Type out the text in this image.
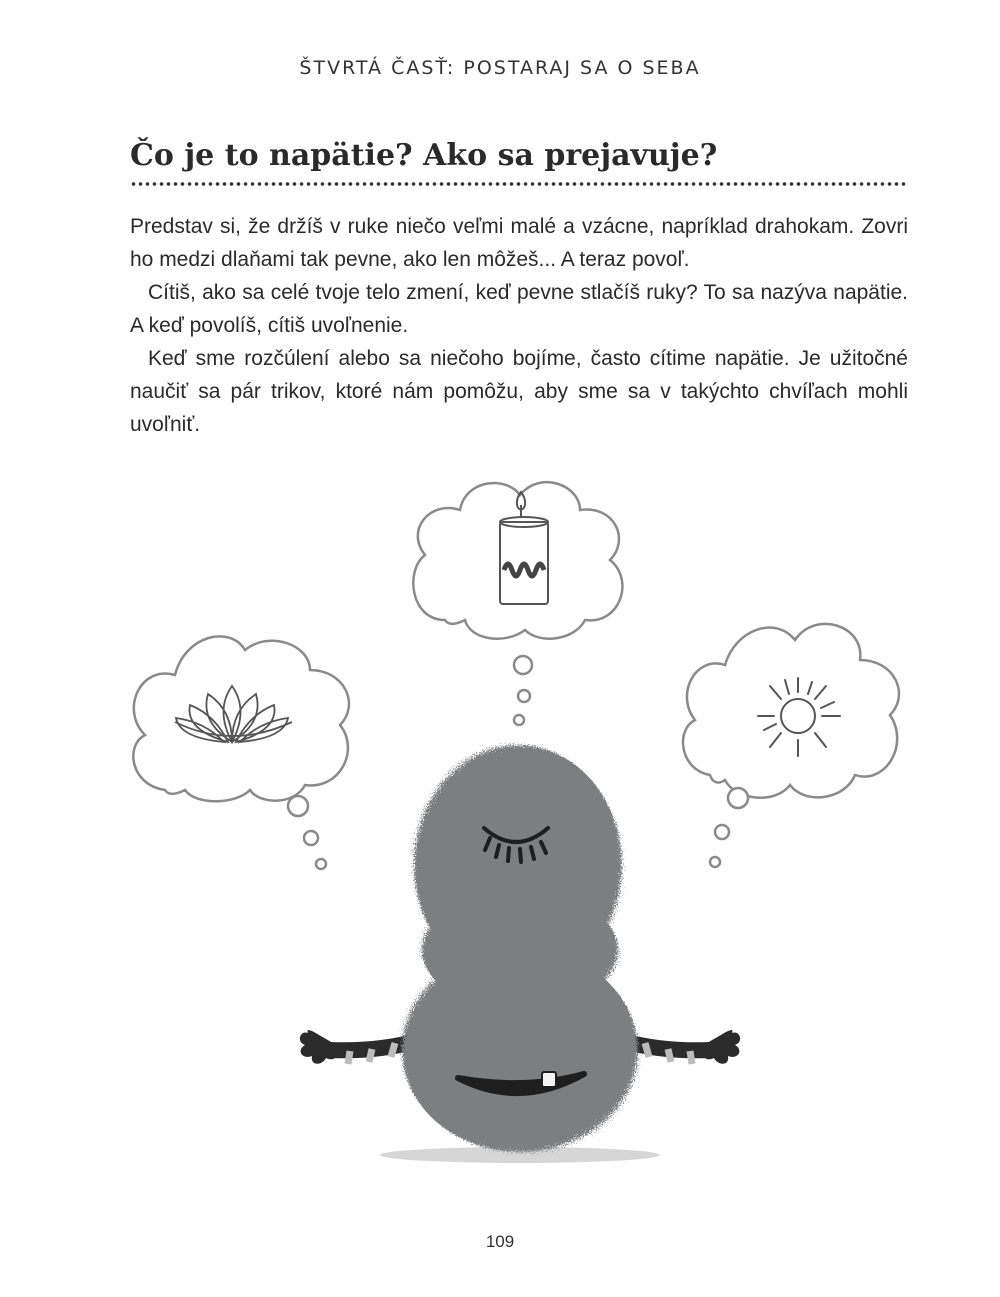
ŠTVRTÁ ČASŤ: POSTARAJ SA O SEBA
Čo je to napätie? Ako sa prejavuje?

Predstav si, že držíš v ruke niečo veľmi malé a vzácne, napríklad drahokam. Zovri ho medzi dlaňami tak pevne, ako len môžeš... A teraz povoľ.

Cítiš, ako sa celé tvoje telo zmení, keď pevne stlačíš ruky? To sa nazýva napätie. A keď povolíš, cítiš uvoľnenie.

Keď sme rozčúlení alebo sa niečoho bojíme, často cítime napätie. Je užitočné naučiť sa pár trikov, ktoré nám pomôžu, aby sme sa v takýchto chvíľach mohli uvoľniť.

109
